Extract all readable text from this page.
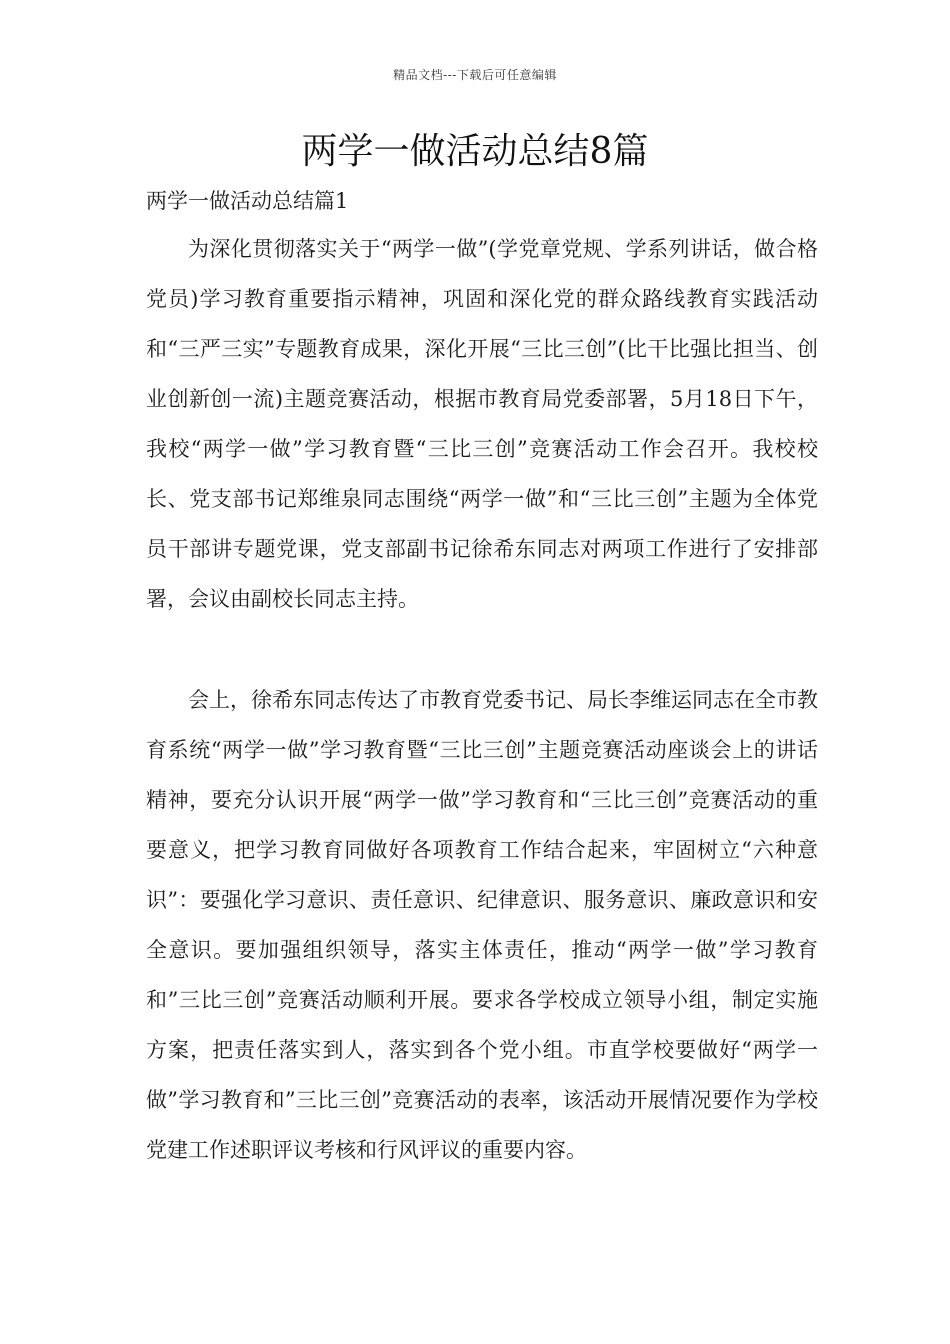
精品文档---下载后可任意编辑
两学一做活动总结8篇

两学一做活动总结篇1

为深化贯彻落实关于“两学一做”(学党章党规、学系列讲话，做合格党员)学习教育重要指示精神，巩固和深化党的群众路线教育实践活动和“三严三实”专题教育成果，深化开展“三比三创”(比干比强比担当、创业创新创一流)主题竞赛活动，根据市教育局党委部署，5月18日下午，我校“两学一做”学习教育暨“三比三创”竞赛活动工作会召开。我校校长、党支部书记郑维泉同志围绕“两学一做”和“三比三创”主题为全体党员干部讲专题党课，党支部副书记徐希东同志对两项工作进行了安排部署，会议由副校长同志主持。

会上，徐希东同志传达了市教育党委书记、局长李维运同志在全市教育系统“两学一做”学习教育暨“三比三创”主题竞赛活动座谈会上的讲话精神，要充分认识开展“两学一做”学习教育和“三比三创”竞赛活动的重要意义，把学习教育同做好各项教育工作结合起来，牢固树立“六种意识”：要强化学习意识、责任意识、纪律意识、服务意识、廉政意识和安全意识。要加强组织领导，落实主体责任，推动“两学一做”学习教育和”三比三创”竞赛活动顺利开展。要求各学校成立领导小组，制定实施方案，把责任落实到人，落实到各个党小组。市直学校要做好“两学一做”学习教育和”三比三创”竞赛活动的表率，该活动开展情况要作为学校党建工作述职评议考核和行风评议的重要内容。
